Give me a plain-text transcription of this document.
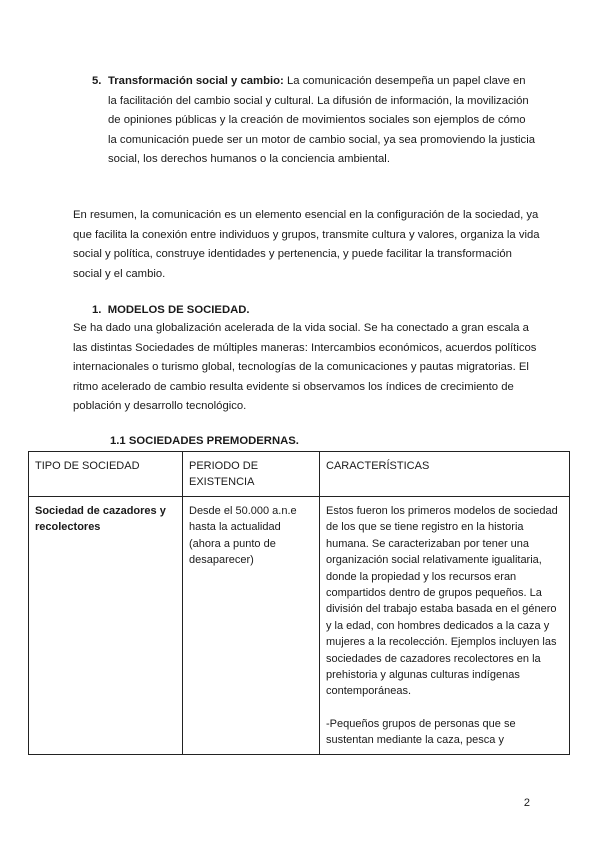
5. Transformación social y cambio: La comunicación desempeña un papel clave en la facilitación del cambio social y cultural. La difusión de información, la movilización de opiniones públicas y la creación de movimientos sociales son ejemplos de cómo la comunicación puede ser un motor de cambio social, ya sea promoviendo la justicia social, los derechos humanos o la conciencia ambiental.

En resumen, la comunicación es un elemento esencial en la configuración de la sociedad, ya que facilita la conexión entre individuos y grupos, transmite cultura y valores, organiza la vida social y política, construye identidades y pertenencia, y puede facilitar la transformación social y el cambio.

1. MODELOS DE SOCIEDAD.

Se ha dado una globalización acelerada de la vida social. Se ha conectado a gran escala a las distintas Sociedades de múltiples maneras: Intercambios económicos, acuerdos políticos internacionales o turismo global, tecnologías de la comunicaciones y pautas migratorias. El ritmo acelerado de cambio resulta evidente si observamos los índices de crecimiento de población y desarrollo tecnológico.

1.1 SOCIEDADES PREMODERNAS.
TIPO DE SOCIEDAD	PERIODO DE EXISTENCIA	CARACTERÍSTICAS
Sociedad de cazadores y recolectores	Desde el 50.000 a.n.e hasta la actualidad (ahora a punto de desaparecer)	Estos fueron los primeros modelos de sociedad de los que se tiene registro en la historia humana. Se caracterizaban por tener una organización social relativamente igualitaria, donde la propiedad y los recursos eran compartidos dentro de grupos pequeños. La división del trabajo estaba basada en el género y la edad, con hombres dedicados a la caza y mujeres a la recolección. Ejemplos incluyen las sociedades de cazadores recolectores en la prehistoria y algunas culturas indígenas contemporáneas.

-Pequeños grupos de personas que se sustentan mediante la caza, pesca y

2
